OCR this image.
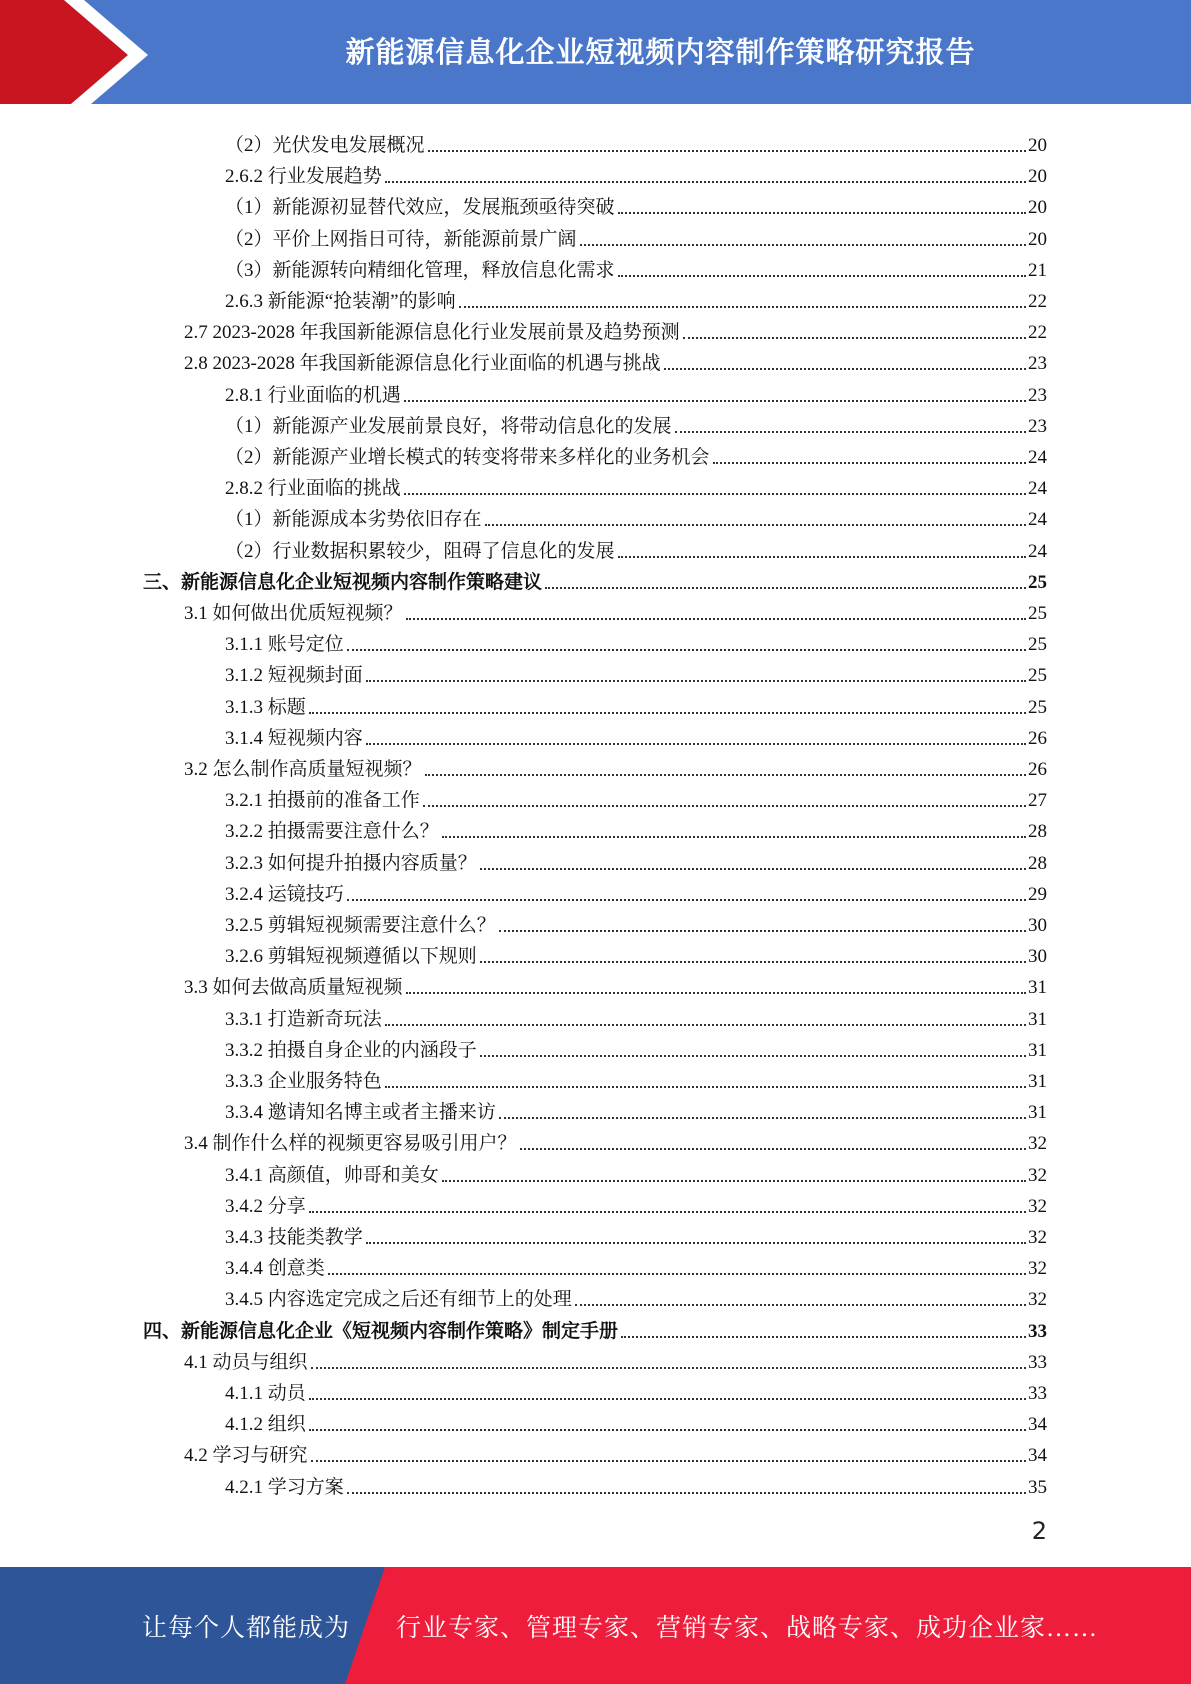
新能源信息化企业短视频内容制作策略研究报告
（2）光伏发电发展概况	20
2.6.2 行业发展趋势	20
（1）新能源初显替代效应，发展瓶颈亟待突破	20
（2）平价上网指日可待，新能源前景广阔	20
（3）新能源转向精细化管理，释放信息化需求	21
2.6.3 新能源“抢装潮”的影响	22
2.7 2023-2028 年我国新能源信息化行业发展前景及趋势预测	22
2.8 2023-2028 年我国新能源信息化行业面临的机遇与挑战	23
2.8.1 行业面临的机遇	23
（1）新能源产业发展前景良好，将带动信息化的发展	23
（2）新能源产业增长模式的转变将带来多样化的业务机会	24
2.8.2 行业面临的挑战	24
（1）新能源成本劣势依旧存在	24
（2）行业数据积累较少，阻碍了信息化的发展	24
三、新能源信息化企业短视频内容制作策略建议	25
3.1 如何做出优质短视频？	25
3.1.1 账号定位	25
3.1.2 短视频封面	25
3.1.3 标题	25
3.1.4 短视频内容	26
3.2 怎么制作高质量短视频？	26
3.2.1 拍摄前的准备工作	27
3.2.2 拍摄需要注意什么？	28
3.2.3 如何提升拍摄内容质量？	28
3.2.4 运镜技巧	29
3.2.5 剪辑短视频需要注意什么？	30
3.2.6 剪辑短视频遵循以下规则	30
3.3 如何去做高质量短视频	31
3.3.1 打造新奇玩法	31
3.3.2 拍摄自身企业的内涵段子	31
3.3.3 企业服务特色	31
3.3.4 邀请知名博主或者主播来访	31
3.4 制作什么样的视频更容易吸引用户？	32
3.4.1 高颜值，帅哥和美女	32
3.4.2 分享	32
3.4.3 技能类教学	32
3.4.4 创意类	32
3.4.5 内容选定完成之后还有细节上的处理	32
四、新能源信息化企业《短视频内容制作策略》制定手册	33
4.1 动员与组织	33
4.1.1 动员	33
4.1.2 组织	34
4.2 学习与研究	34
4.2.1 学习方案	35
2
让每个人都能成为 行业专家、管理专家、营销专家、战略专家、成功企业家……
